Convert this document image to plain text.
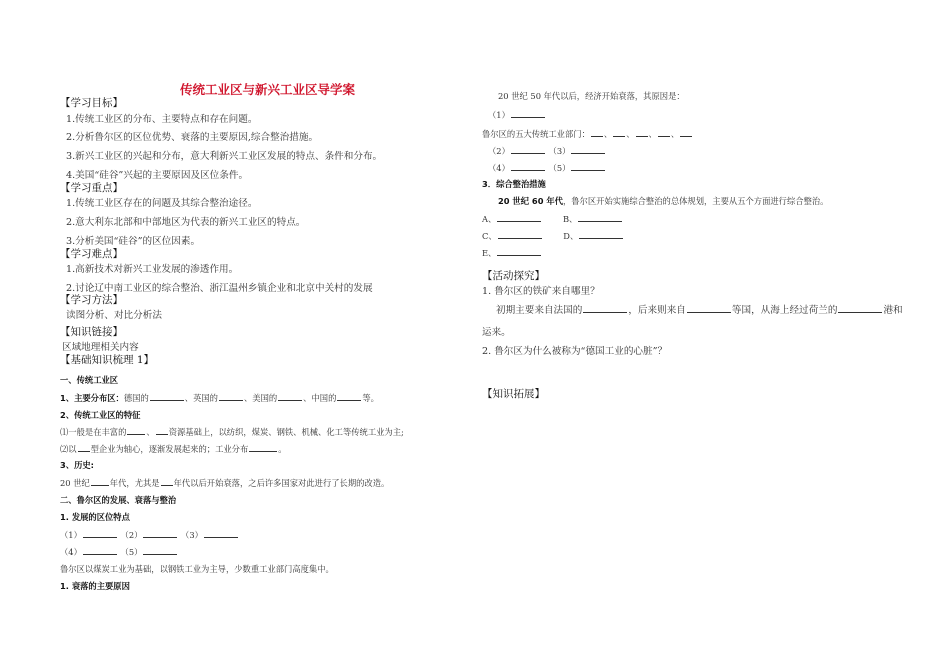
传统工业区与新兴工业区导学案
【学习目标】
1.传统工业区的分布、主要特点和存在问题。
2.分析鲁尔区的区位优势、衰落的主要原因,综合整治措施。
3.新兴工业区的兴起和分布，意大利新兴工业区发展的特点、条件和分布。
4.美国“硅谷”兴起的主要原因及区位条件。
【学习重点】
1.传统工业区存在的问题及其综合整治途径。
2.意大利东北部和中部地区为代表的新兴工业区的特点。
3.分析美国“硅谷”的区位因素。
【学习难点】
1.高新技术对新兴工业发展的渗透作用。
2.讨论辽中南工业区的综合整治、浙江温州乡镇企业和北京中关村的发展
【学习方法】
读图分析、对比分析法
【知识链接】
区域地理相关内容
【基础知识梳理 1】
一、传统工业区
1、主要分布区：德国的	、英国的	、美国的	、中国的	等。
2、传统工业区的特征
⑴一般是在丰富的 、 资源基础上，以纺织，煤炭、钢铁、机械、化工等传统工业为主;
⑵以 型企业为轴心，逐渐发展起来的；工业分布	。
3、历史:
20 世纪 年代，尤其是 年代以后开始衰落，之后许多国家对此进行了长期的改造。
二、鲁尔区的发展、衰落与整治
1. 发展的区位特点
（1）	（2）	（3）
（4）	（5）
鲁尔区以煤炭工业为基础，以钢铁工业为主导，少数重工业部门高度集中。
1. 衰落的主要原因
20 世纪 50 年代以后，经济开始衰落，其原因是：
（1）
鲁尔区的五大传统工业部门： 、 、 、 、
（2）	（3）
（4）	（5）
3．综合整治措施
20 世纪 60 年代，鲁尔区开始实施综合整治的总体规划，主要从五个方面进行综合整治。
A、	B、
C、	D、
E、
【活动探究】
1. 鲁尔区的铁矿来自哪里？
初期主要来自法国的	，后来则来自	等国，从海上经过荷兰的	港和
运来。
2. 鲁尔区为什么被称为“德国工业的心脏”？
【知识拓展】
